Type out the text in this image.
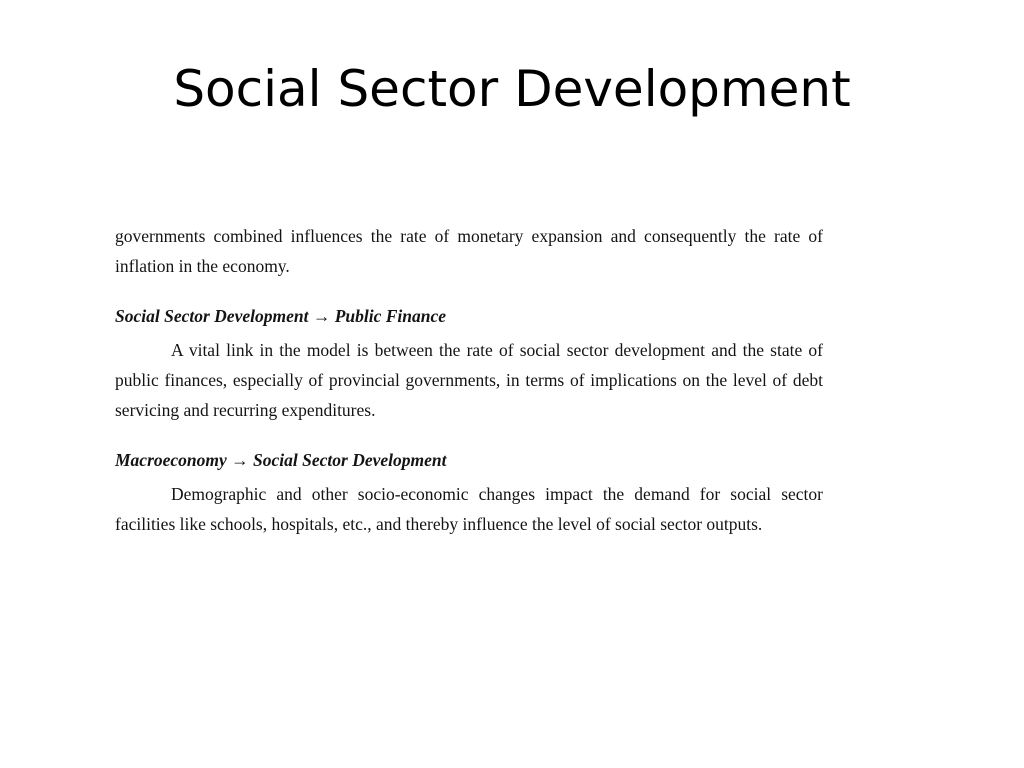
Social Sector Development

governments combined influences the rate of monetary expansion and consequently the rate of inflation in the economy.

Social Sector Development → Public Finance

A vital link in the model is between the rate of social sector development and the state of public finances, especially of provincial governments, in terms of implications on the level of debt servicing and recurring expenditures.

Macroeconomy → Social Sector Development

Demographic and other socio-economic changes impact the demand for social sector facilities like schools, hospitals, etc., and thereby influence the level of social sector outputs.
